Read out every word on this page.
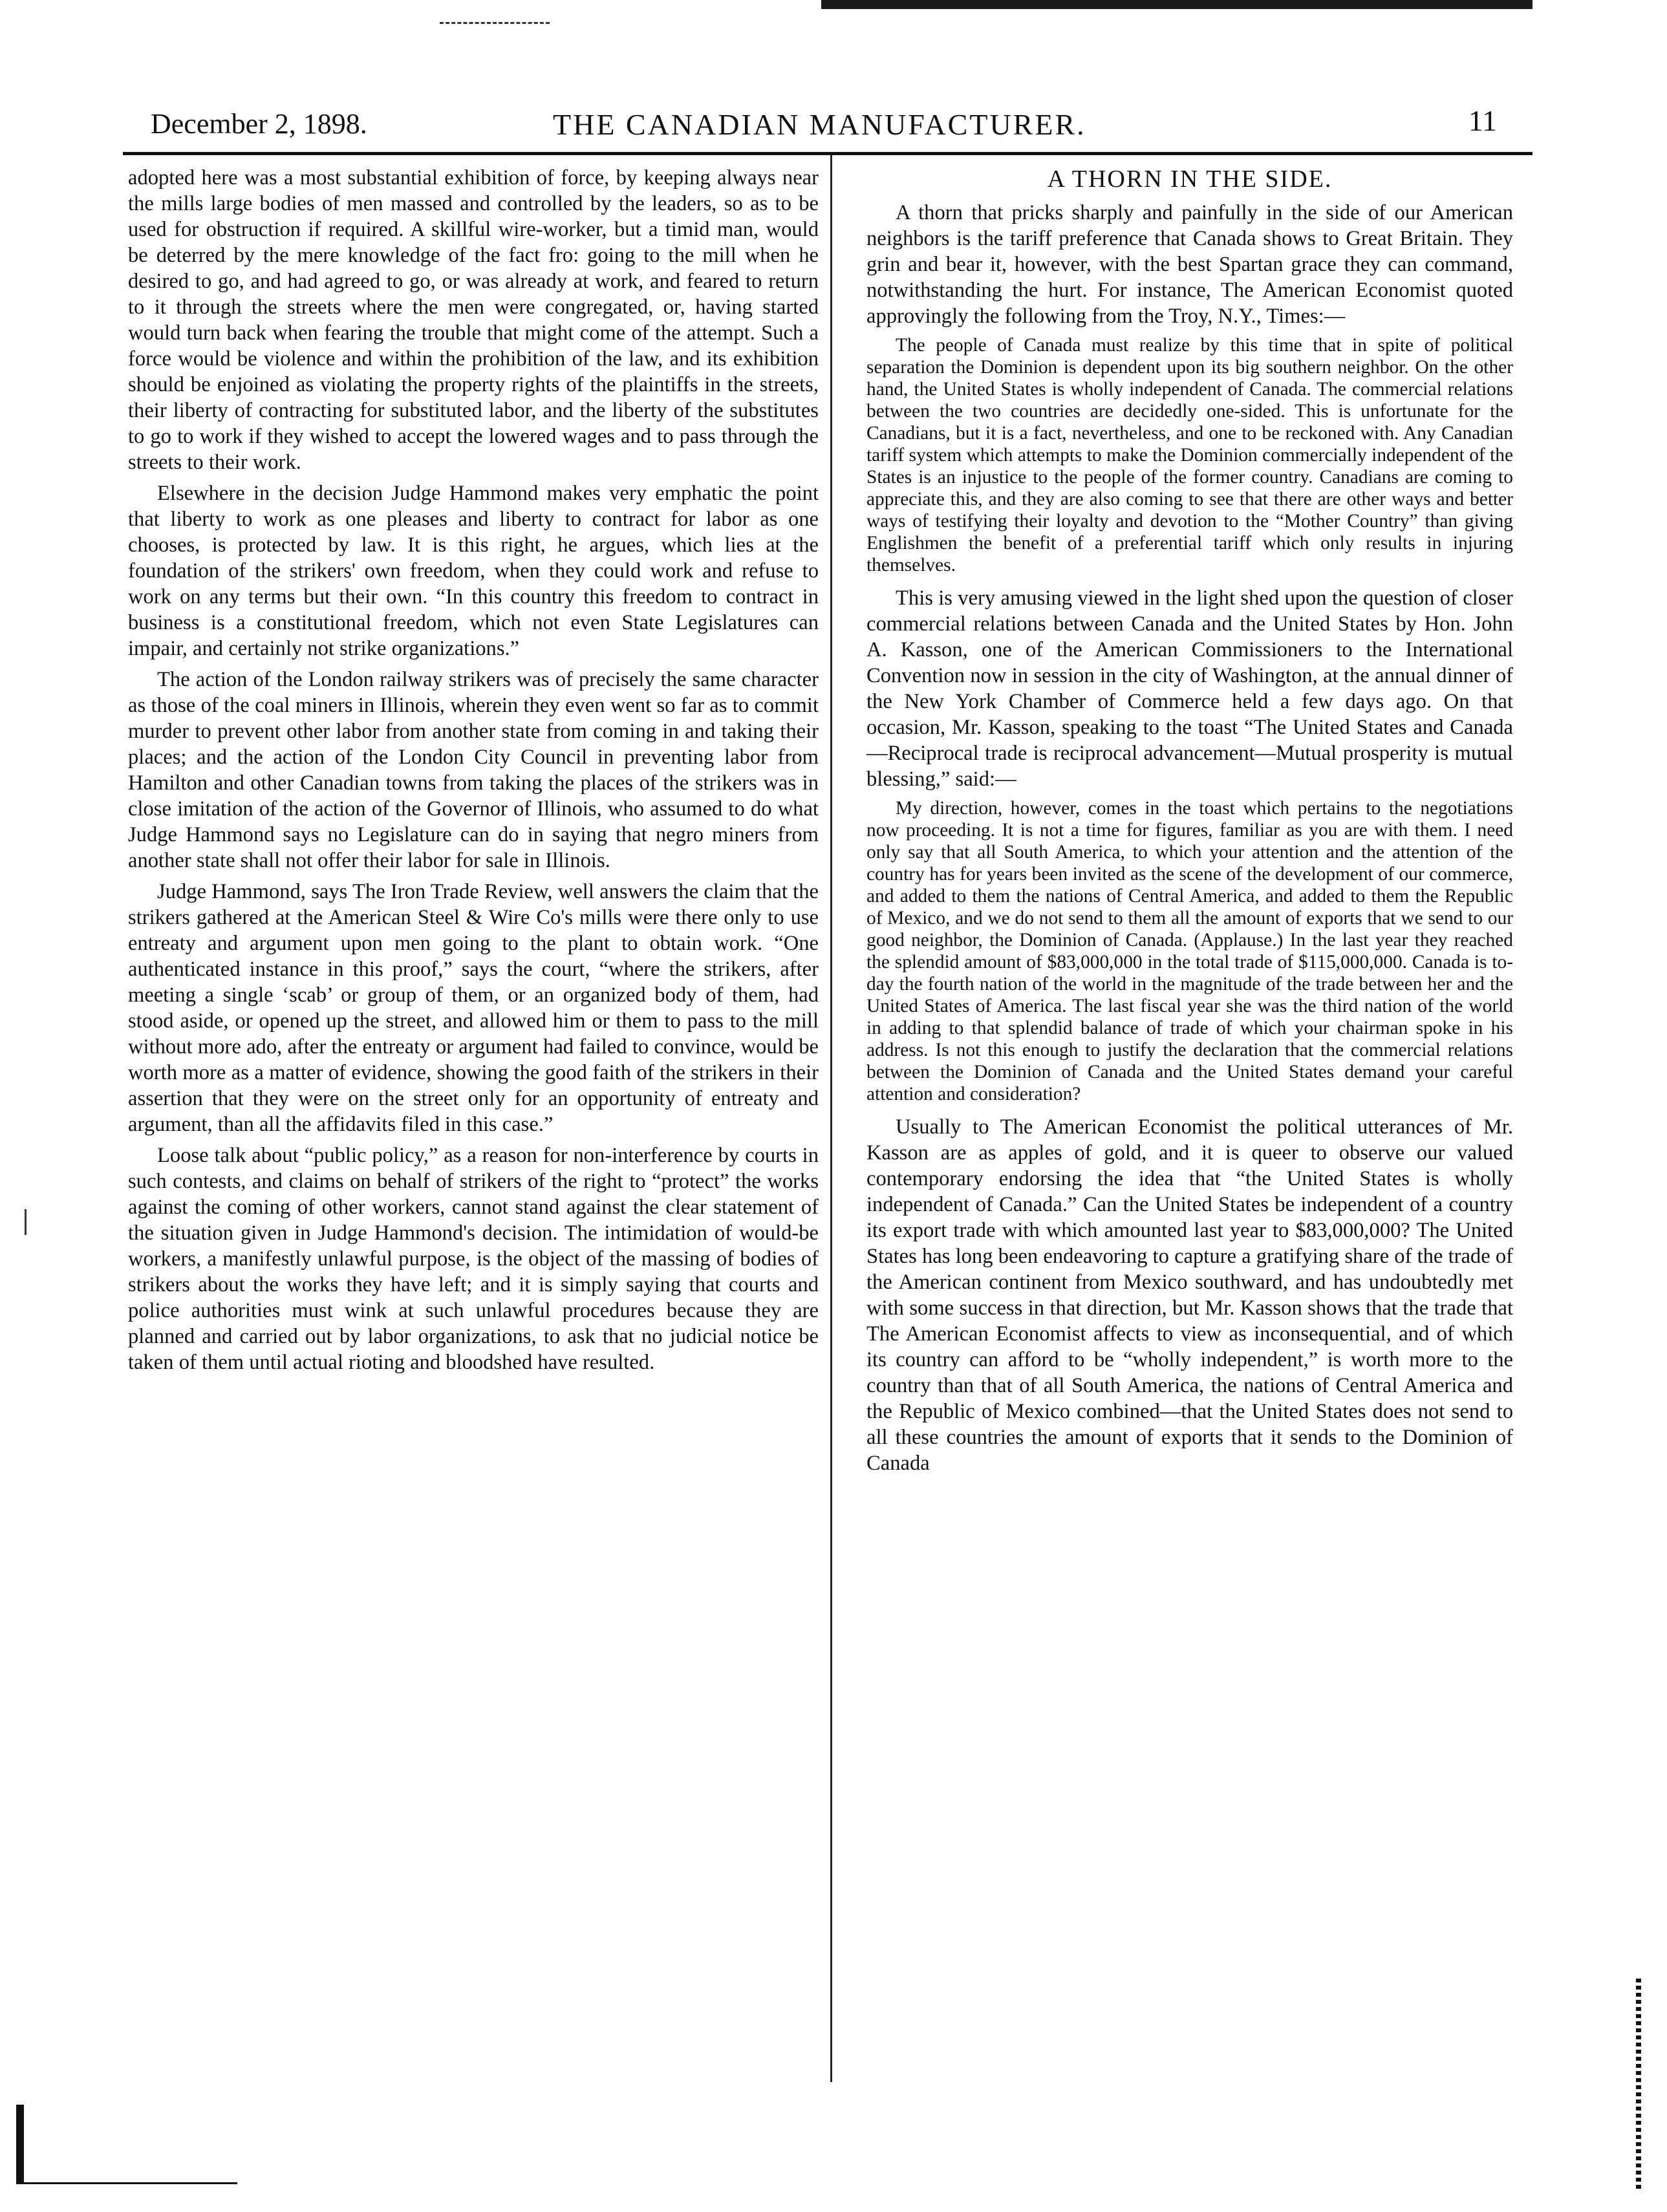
December 2, 1898.	THE CANADIAN MANUFACTURER.	11

adopted here was a most substantial exhibition of force, by keeping always near the mills large bodies of men massed and controlled by the leaders, so as to be used for obstruction if required. A skillful wire-worker, but a timid man, would be deterred by the mere knowledge of the fact fro: going to the mill when he desired to go, and had agreed to go, or was already at work, and feared to return to it through the streets where the men were congregated, or, having started would turn back when fearing the trouble that might come of the attempt. Such a force would be violence and within the prohibition of the law, and its exhibition should be enjoined as violating the property rights of the plaintiffs in the streets, their liberty of contracting for substituted labor, and the liberty of the substitutes to go to work if they wished to accept the lowered wages and to pass through the streets to their work.

Elsewhere in the decision Judge Hammond makes very emphatic the point that liberty to work as one pleases and liberty to contract for labor as one chooses, is protected by law. It is this right, he argues, which lies at the foundation of the strikers' own freedom, when they could work and refuse to work on any terms but their own. “In this country this freedom to contract in business is a constitutional freedom, which not even State Legislatures can impair, and certainly not strike organizations.”

The action of the London railway strikers was of precisely the same character as those of the coal miners in Illinois, wherein they even went so far as to commit murder to prevent other labor from another state from coming in and taking their places; and the action of the London City Council in preventing labor from Hamilton and other Canadian towns from taking the places of the strikers was in close imitation of the action of the Governor of Illinois, who assumed to do what Judge Hammond says no Legislature can do in saying that negro miners from another state shall not offer their labor for sale in Illinois.

Judge Hammond, says The Iron Trade Review, well answers the claim that the strikers gathered at the American Steel & Wire Co's mills were there only to use entreaty and argument upon men going to the plant to obtain work. “One authenticated instance in this proof,” says the court, “where the strikers, after meeting a single ‘scab’ or group of them, or an organized body of them, had stood aside, or opened up the street, and allowed him or them to pass to the mill without more ado, after the entreaty or argument had failed to convince, would be worth more as a matter of evidence, showing the good faith of the strikers in their assertion that they were on the street only for an opportunity of entreaty and argument, than all the affidavits filed in this case.”

Loose talk about “public policy,” as a reason for non-interference by courts in such contests, and claims on behalf of strikers of the right to “protect” the works against the coming of other workers, cannot stand against the clear statement of the situation given in Judge Hammond's decision. The intimidation of would-be workers, a manifestly unlawful purpose, is the object of the massing of bodies of strikers about the works they have left; and it is simply saying that courts and police authorities must wink at such unlawful procedures because they are planned and carried out by labor organizations, to ask that no judicial notice be taken of them until actual rioting and bloodshed have resulted.

A THORN IN THE SIDE.

A thorn that pricks sharply and painfully in the side of our American neighbors is the tariff preference that Canada shows to Great Britain. They grin and bear it, however, with the best Spartan grace they can command, notwithstanding the hurt. For instance, The American Economist quoted approvingly the following from the Troy, N.Y., Times:—

The people of Canada must realize by this time that in spite of political separation the Dominion is dependent upon its big southern neighbor. On the other hand, the United States is wholly independent of Canada. The commercial relations between the two countries are decidedly one-sided. This is unfortunate for the Canadians, but it is a fact, nevertheless, and one to be reckoned with. Any Canadian tariff system which attempts to make the Dominion commercially independent of the States is an injustice to the people of the former country. Canadians are coming to appreciate this, and they are also coming to see that there are other ways and better ways of testifying their loyalty and devotion to the “Mother Country” than giving Englishmen the benefit of a preferential tariff which only results in injuring themselves.

This is very amusing viewed in the light shed upon the question of closer commercial relations between Canada and the United States by Hon. John A. Kasson, one of the American Commissioners to the International Convention now in session in the city of Washington, at the annual dinner of the New York Chamber of Commerce held a few days ago. On that occasion, Mr. Kasson, speaking to the toast “The United States and Canada—Reciprocal trade is reciprocal advancement—Mutual prosperity is mutual blessing,” said:—

My direction, however, comes in the toast which pertains to the negotiations now proceeding. It is not a time for figures, familiar as you are with them. I need only say that all South America, to which your attention and the attention of the country has for years been invited as the scene of the development of our commerce, and added to them the nations of Central America, and added to them the Republic of Mexico, and we do not send to them all the amount of exports that we send to our good neighbor, the Dominion of Canada. (Applause.) In the last year they reached the splendid amount of $83,000,000 in the total trade of $115,000,000. Canada is to-day the fourth nation of the world in the magnitude of the trade between her and the United States of America. The last fiscal year she was the third nation of the world in adding to that splendid balance of trade of which your chairman spoke in his address. Is not this enough to justify the declaration that the commercial relations between the Dominion of Canada and the United States demand your careful attention and consideration?

Usually to The American Economist the political utterances of Mr. Kasson are as apples of gold, and it is queer to observe our valued contemporary endorsing the idea that “the United States is wholly independent of Canada.” Can the United States be independent of a country its export trade with which amounted last year to $83,000,000? The United States has long been endeavoring to capture a gratifying share of the trade of the American continent from Mexico southward, and has undoubtedly met with some success in that direction, but Mr. Kasson shows that the trade that The American Economist affects to view as inconsequential, and of which its country can afford to be “wholly independent,” is worth more to the country than that of all South America, the nations of Central America and the Republic of Mexico combined—that the United States does not send to all these countries the amount of exports that it sends to the Dominion of Canada
